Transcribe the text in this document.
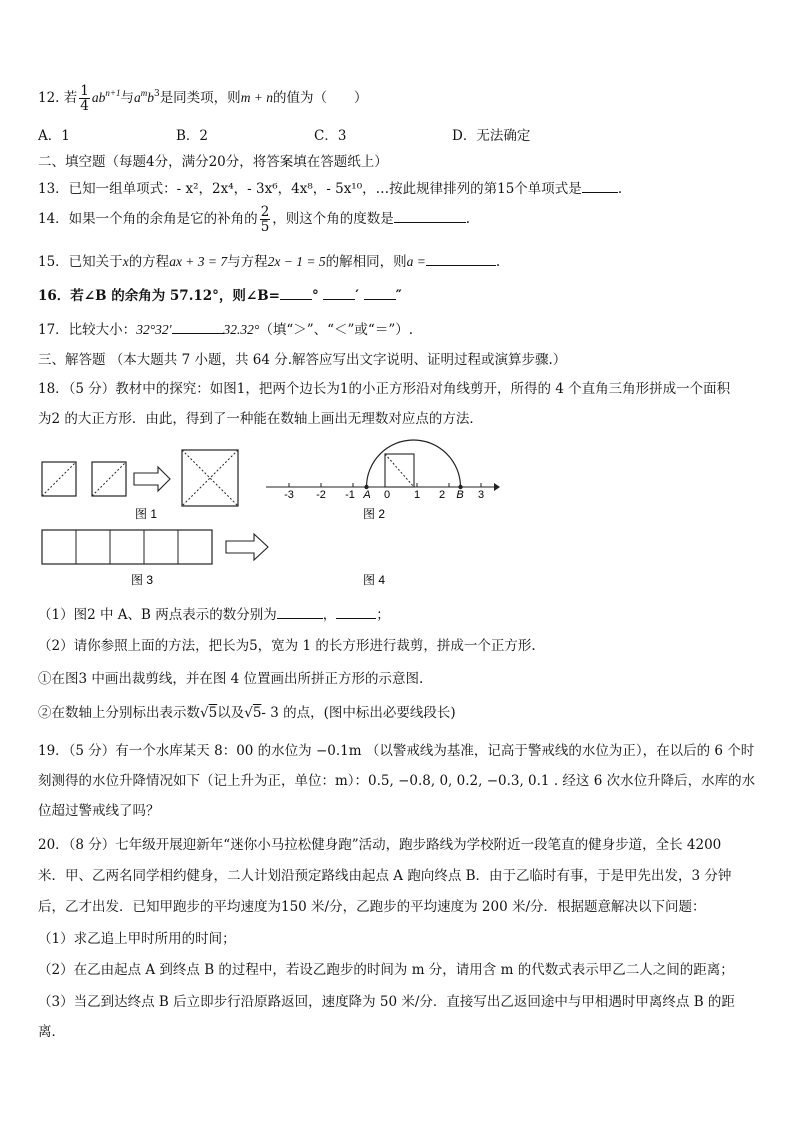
12. 若 $\frac{1}{4} ab^{n+1}$与$a^mb^3$是同类项，则m + n的值为（　　）
A．1	B．2	C．3	D．无法确定
二、填空题（每题4分，满分20分，将答案填在答题纸上）
13．已知一组单项式：- x²，2x⁴，- 3x⁶，4x⁸，- 5x¹⁰，…按此规律排列的第15个单项式是	.
14．如果一个角的余角是它的补角的 $\frac{2}{5}$ ，则这个角的度数是	.
15．已知关于x的方程ax + 3 = 7与方程2x − 1 = 5的解相同，则a =	.
16．若∠B 的余角为 57.12°，则∠B= °	′	″
17．比较大小：32°32′	32.32°（填“＞”、“＜”或“＝”）.
三、解答题 （本大题共 7 小题，共 64 分.解答应写出文字说明、证明过程或演算步骤.）
18．（5 分）教材中的探究：如图1，把两个边长为1的小正方形沿对角线剪开，所得的 4 个直角三角形拼成一个面积
为2 的大正方形．由此，得到了一种能在数轴上画出无理数对应点的方法．
-3 -2 -1	0 1 2	3
A	B
图 1	图 2
图 3	图 4
（1）图2 中 A、B 两点表示的数分别为	，	；
（2）请你参照上面的方法，把长为5，宽为 1 的长方形进行裁剪，拼成一个正方形.
①在图3 中画出裁剪线，并在图 4 位置画出所拼正方形的示意图.
②在数轴上分别标出表示数√5以及√5- 3 的点，(图中标出必要线段长)
19．（5 分）有一个水库某天 8：00 的水位为 −0.1m （以警戒线为基准，记高于警戒线的水位为正），在以后的 6 个时
刻测得的水位升降情况如下（记上升为正，单位：m）：0.5, −0.8, 0, 0.2, −0.3, 0.1 . 经这 6 次水位升降后，水库的水
位超过警戒线了吗？
20．（8 分）七年级开展迎新年“迷你小马拉松健身跑”活动，跑步路线为学校附近一段笔直的健身步道，全长 4200
米．甲、乙两名同学相约健身，二人计划沿预定路线由起点 A 跑向终点 B．由于乙临时有事，于是甲先出发，3 分钟
后，乙才出发．已知甲跑步的平均速度为150 米/分，乙跑步的平均速度为 200 米/分．根据题意解决以下问题：
（1）求乙追上甲时所用的时间；
（2）在乙由起点 A 到终点 B 的过程中，若设乙跑步的时间为 m 分，请用含 m 的代数式表示甲乙二人之间的距离；
（3）当乙到达终点 B 后立即步行沿原路返回，速度降为 50 米/分．直接写出乙返回途中与甲相遇时甲离终点 B 的距
离．
